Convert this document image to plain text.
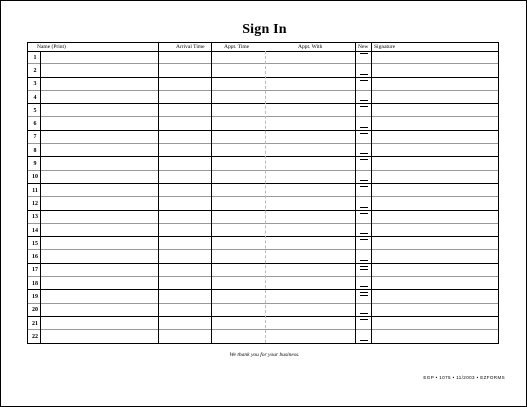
Sign In
Name (Print)	Arrival Time	Appt. Time	Appt. With	New	Signature
1
2
3
4
5
6
7
8
9
10
11
12
13
14
15
16
17
18
19
20
21
22
We thank you for your business.
EGP • 1075 • 11/2003 • EZFORMS
